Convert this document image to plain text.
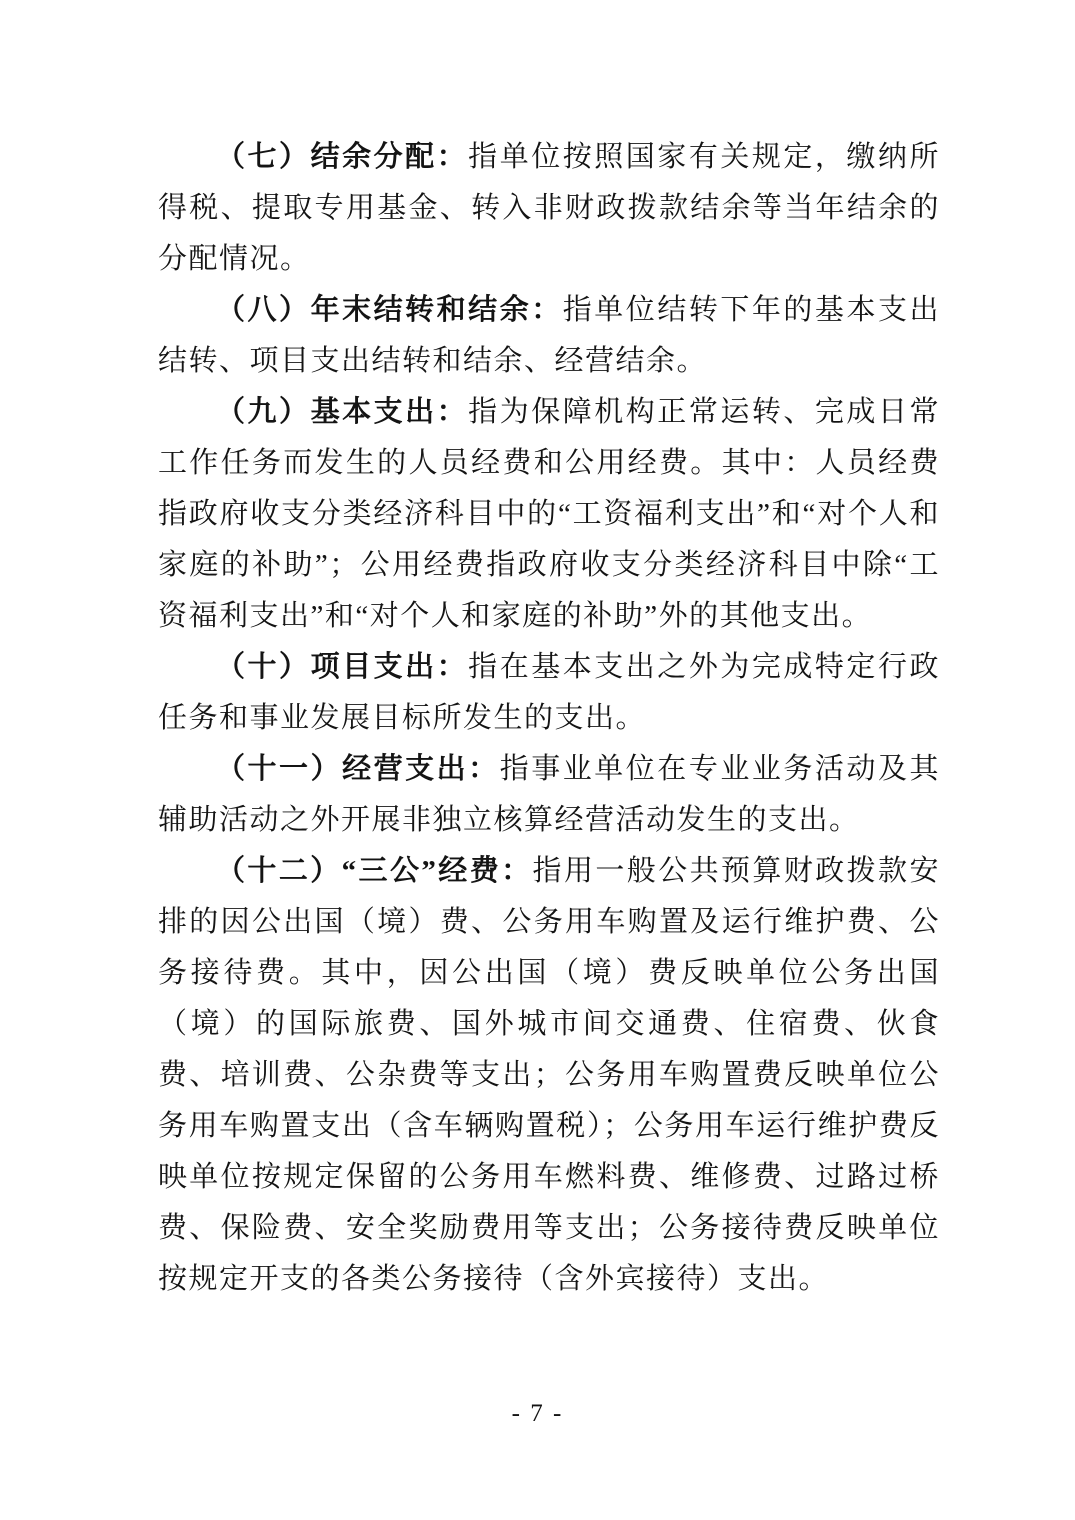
（七）结余分配：指单位按照国家有关规定，缴纳所得税、提取专用基金、转入非财政拨款结余等当年结余的分配情况。

（八）年末结转和结余：指单位结转下年的基本支出结转、项目支出结转和结余、经营结余。

（九）基本支出：指为保障机构正常运转、完成日常工作任务而发生的人员经费和公用经费。其中：人员经费指政府收支分类经济科目中的“工资福利支出”和“对个人和家庭的补助”；公用经费指政府收支分类经济科目中除“工资福利支出”和“对个人和家庭的补助”外的其他支出。

（十）项目支出：指在基本支出之外为完成特定行政任务和事业发展目标所发生的支出。

（十一）经营支出：指事业单位在专业业务活动及其辅助活动之外开展非独立核算经营活动发生的支出。

（十二）“三公”经费：指用一般公共预算财政拨款安排的因公出国（境）费、公务用车购置及运行维护费、公务接待费。其中，因公出国（境）费反映单位公务出国（境）的国际旅费、国外城市间交通费、住宿费、伙食费、培训费、公杂费等支出；公务用车购置费反映单位公务用车购置支出（含车辆购置税）；公务用车运行维护费反映单位按规定保留的公务用车燃料费、维修费、过路过桥费、保险费、安全奖励费用等支出；公务接待费反映单位按规定开支的各类公务接待（含外宾接待）支出。

- 7 -
